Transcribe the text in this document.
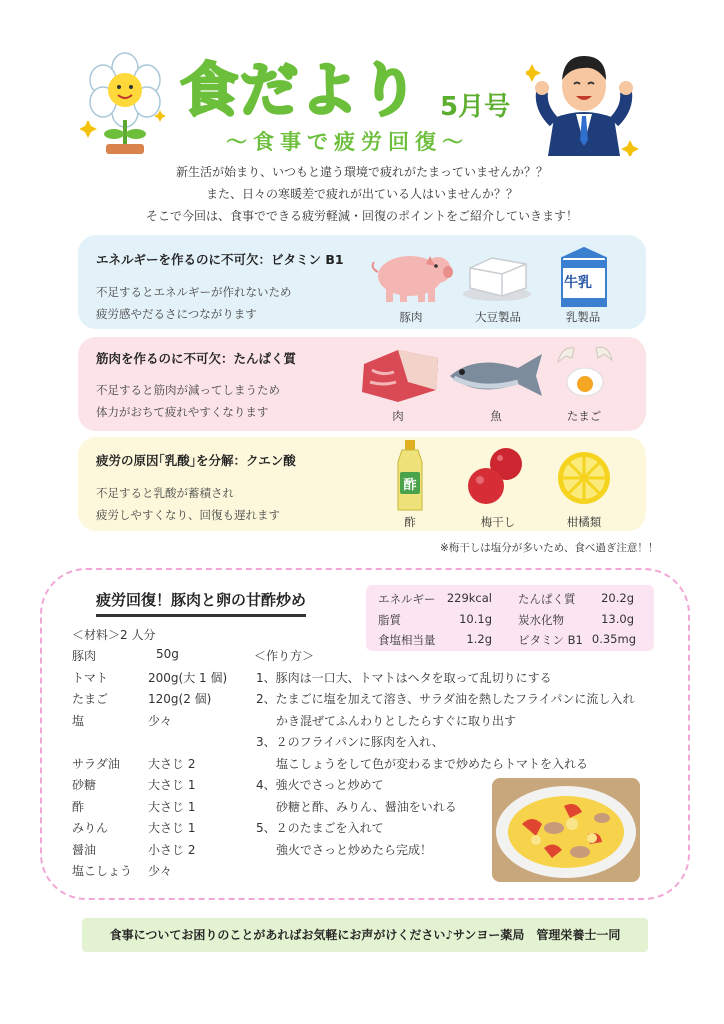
食だより 5月号
～食事で疲労回復～
新生活が始まり、いつもと違う環境で疲れがたまっていませんか？？
また、日々の寒暖差で疲れが出ている人はいませんか？？
そこで今回は、食事でできる疲労軽減・回復のポイントをご紹介していきます！
エネルギーを作るのに不可欠：ビタミン B1
不足するとエネルギーが作れないため
疲労感やだるさにつながります
牛乳
豚肉	大豆製品	乳製品
筋肉を作るのに不可欠：たんぱく質
不足すると筋肉が減ってしまうため
体力がおちて疲れやすくなります	肉	魚	たまご
疲労の原因｢乳酸｣を分解：クエン酸
不足すると乳酸が蓄積され
疲労しやすくなり、回復も遅れます
酢
酢	梅干し	柑橘類
※梅干しは塩分が多いため、食べ過ぎ注意！！
疲労回復！豚肉と卵の甘酢炒め	エネルギー 229kcal たんぱく質	20.2g
脂質	10.1g 炭水化物	13.0g
食塩相当量	1.2g ビタミン B1 0.35mg
＜材料＞2 人分
豚肉	50g
トマト	200g(大 1 個)
たまご	120g(2 個)
塩	少々
サラダ油 大さじ 2
砂糖	大さじ 1
酢	大さじ 1
みりん	大さじ 1
醤油	小さじ 2
塩こしょう 少々
＜作り方＞
1、豚肉は一口大、トマトはヘタを取って乱切りにする
2、たまごに塩を加えて溶き、サラダ油を熱したフライパンに流し入れ
かき混ぜてふんわりとしたらすぐに取り出す
3、２のフライパンに豚肉を入れ、
塩こしょうをして色が変わるまで炒めたらトマトを入れる
4、強火でさっと炒めて
砂糖と酢、みりん、醤油をいれる
5、２のたまごを入れて
強火でさっと炒めたら完成！
食事についてお困りのことがあればお気軽にお声がけください♪サンヨー薬局　管理栄養士一同
